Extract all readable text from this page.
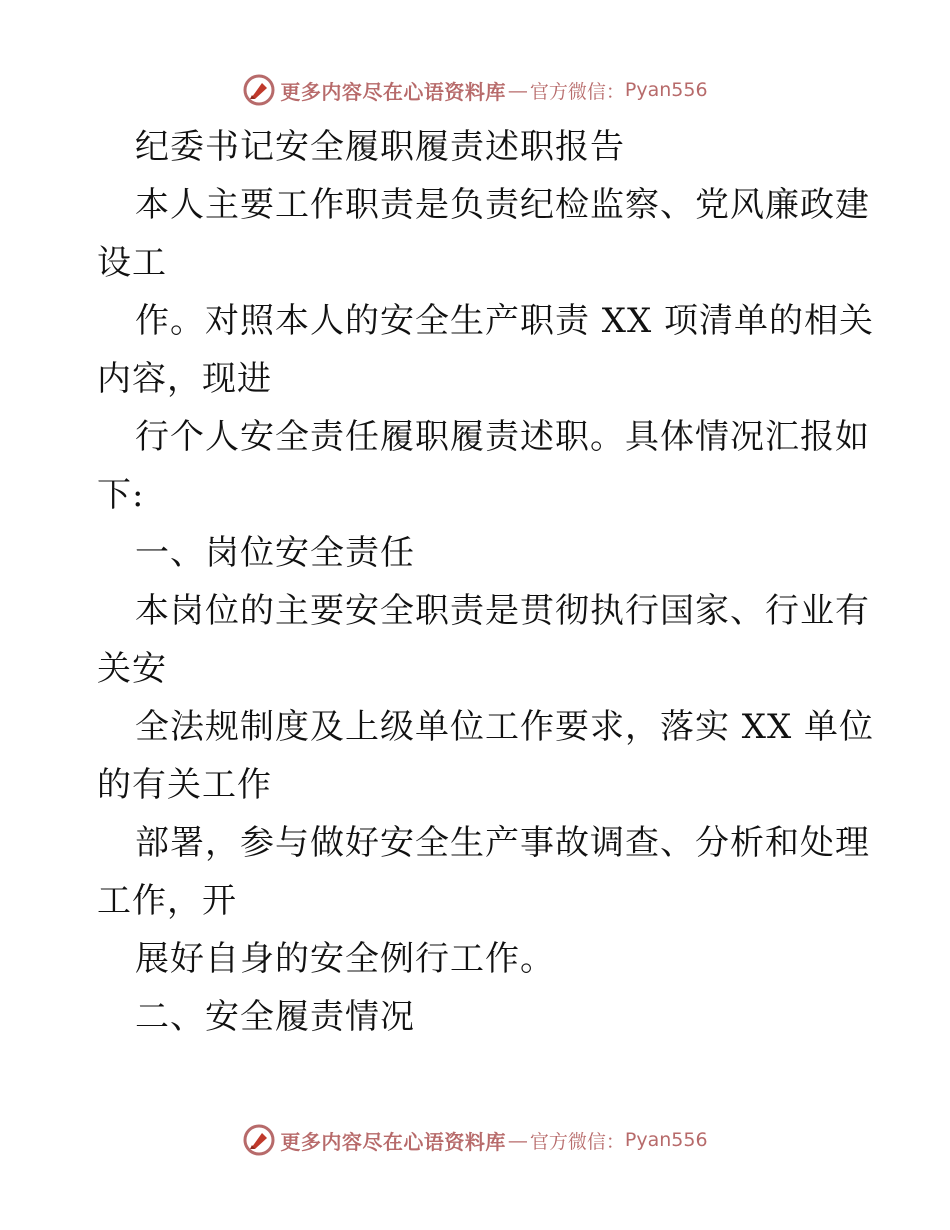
更多内容尽在心语资料库 — 官方微信： Pyan556
纪委书记安全履职履责述职报告
本人主要工作职责是负责纪检监察、党风廉政建
设工
作。对照本人的安全生产职责 XX 项清单的相关
内容，现进
行个人安全责任履职履责述职。具体情况汇报如
下:
一、岗位安全责任
本岗位的主要安全职责是贯彻执行国家、行业有
关安
全法规制度及上级单位工作要求，落实 XX 单位
的有关工作
部署，参与做好安全生产事故调查、分析和处理
工作，开
展好自身的安全例行工作。
二、安全履责情况
更多内容尽在心语资料库 — 官方微信： Pyan556
